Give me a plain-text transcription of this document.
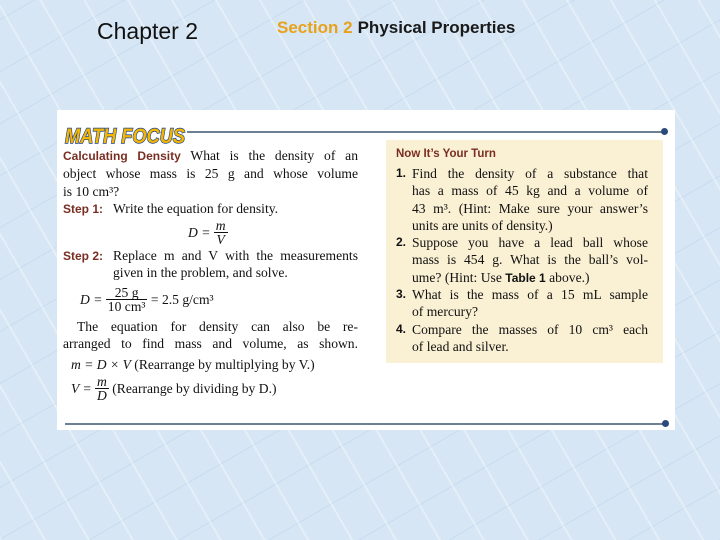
Chapter 2	Section 2 Physical Properties
MATH FOCUS

Calculating Density What is the density of an

object whose mass is 25 g and whose volume

is 10 cm³?

Step 1: Write the equation for density.

D =
$\frac{m}{V}$
Step 2: Replace m and V with the measurements

given in the problem, and solve.

D =
$\frac{25 g}{\text{10 cm³}}$
= 2.5 g/cm³

The equation for density can also be re-

arranged to find mass and volume, as shown.

m = D × V
(Rearrange by multiplying by V.)
V =
$\frac{m}{D}$
(Rearrange by dividing by D.)
Now It’s Your Turn
1. Find the density of a substance that
has a mass of 45 kg and a volume of
43 m³. (Hint: Make sure your answer’s
units are units of density.)
2. Suppose you have a lead ball whose
mass is 454 g. What is the ball’s vol-
ume? (Hint: Use Table 1 above.)
3. What is the mass of a 15 mL sample
of mercury?
4. Compare the masses of 10 cm³ each
of lead and silver.
